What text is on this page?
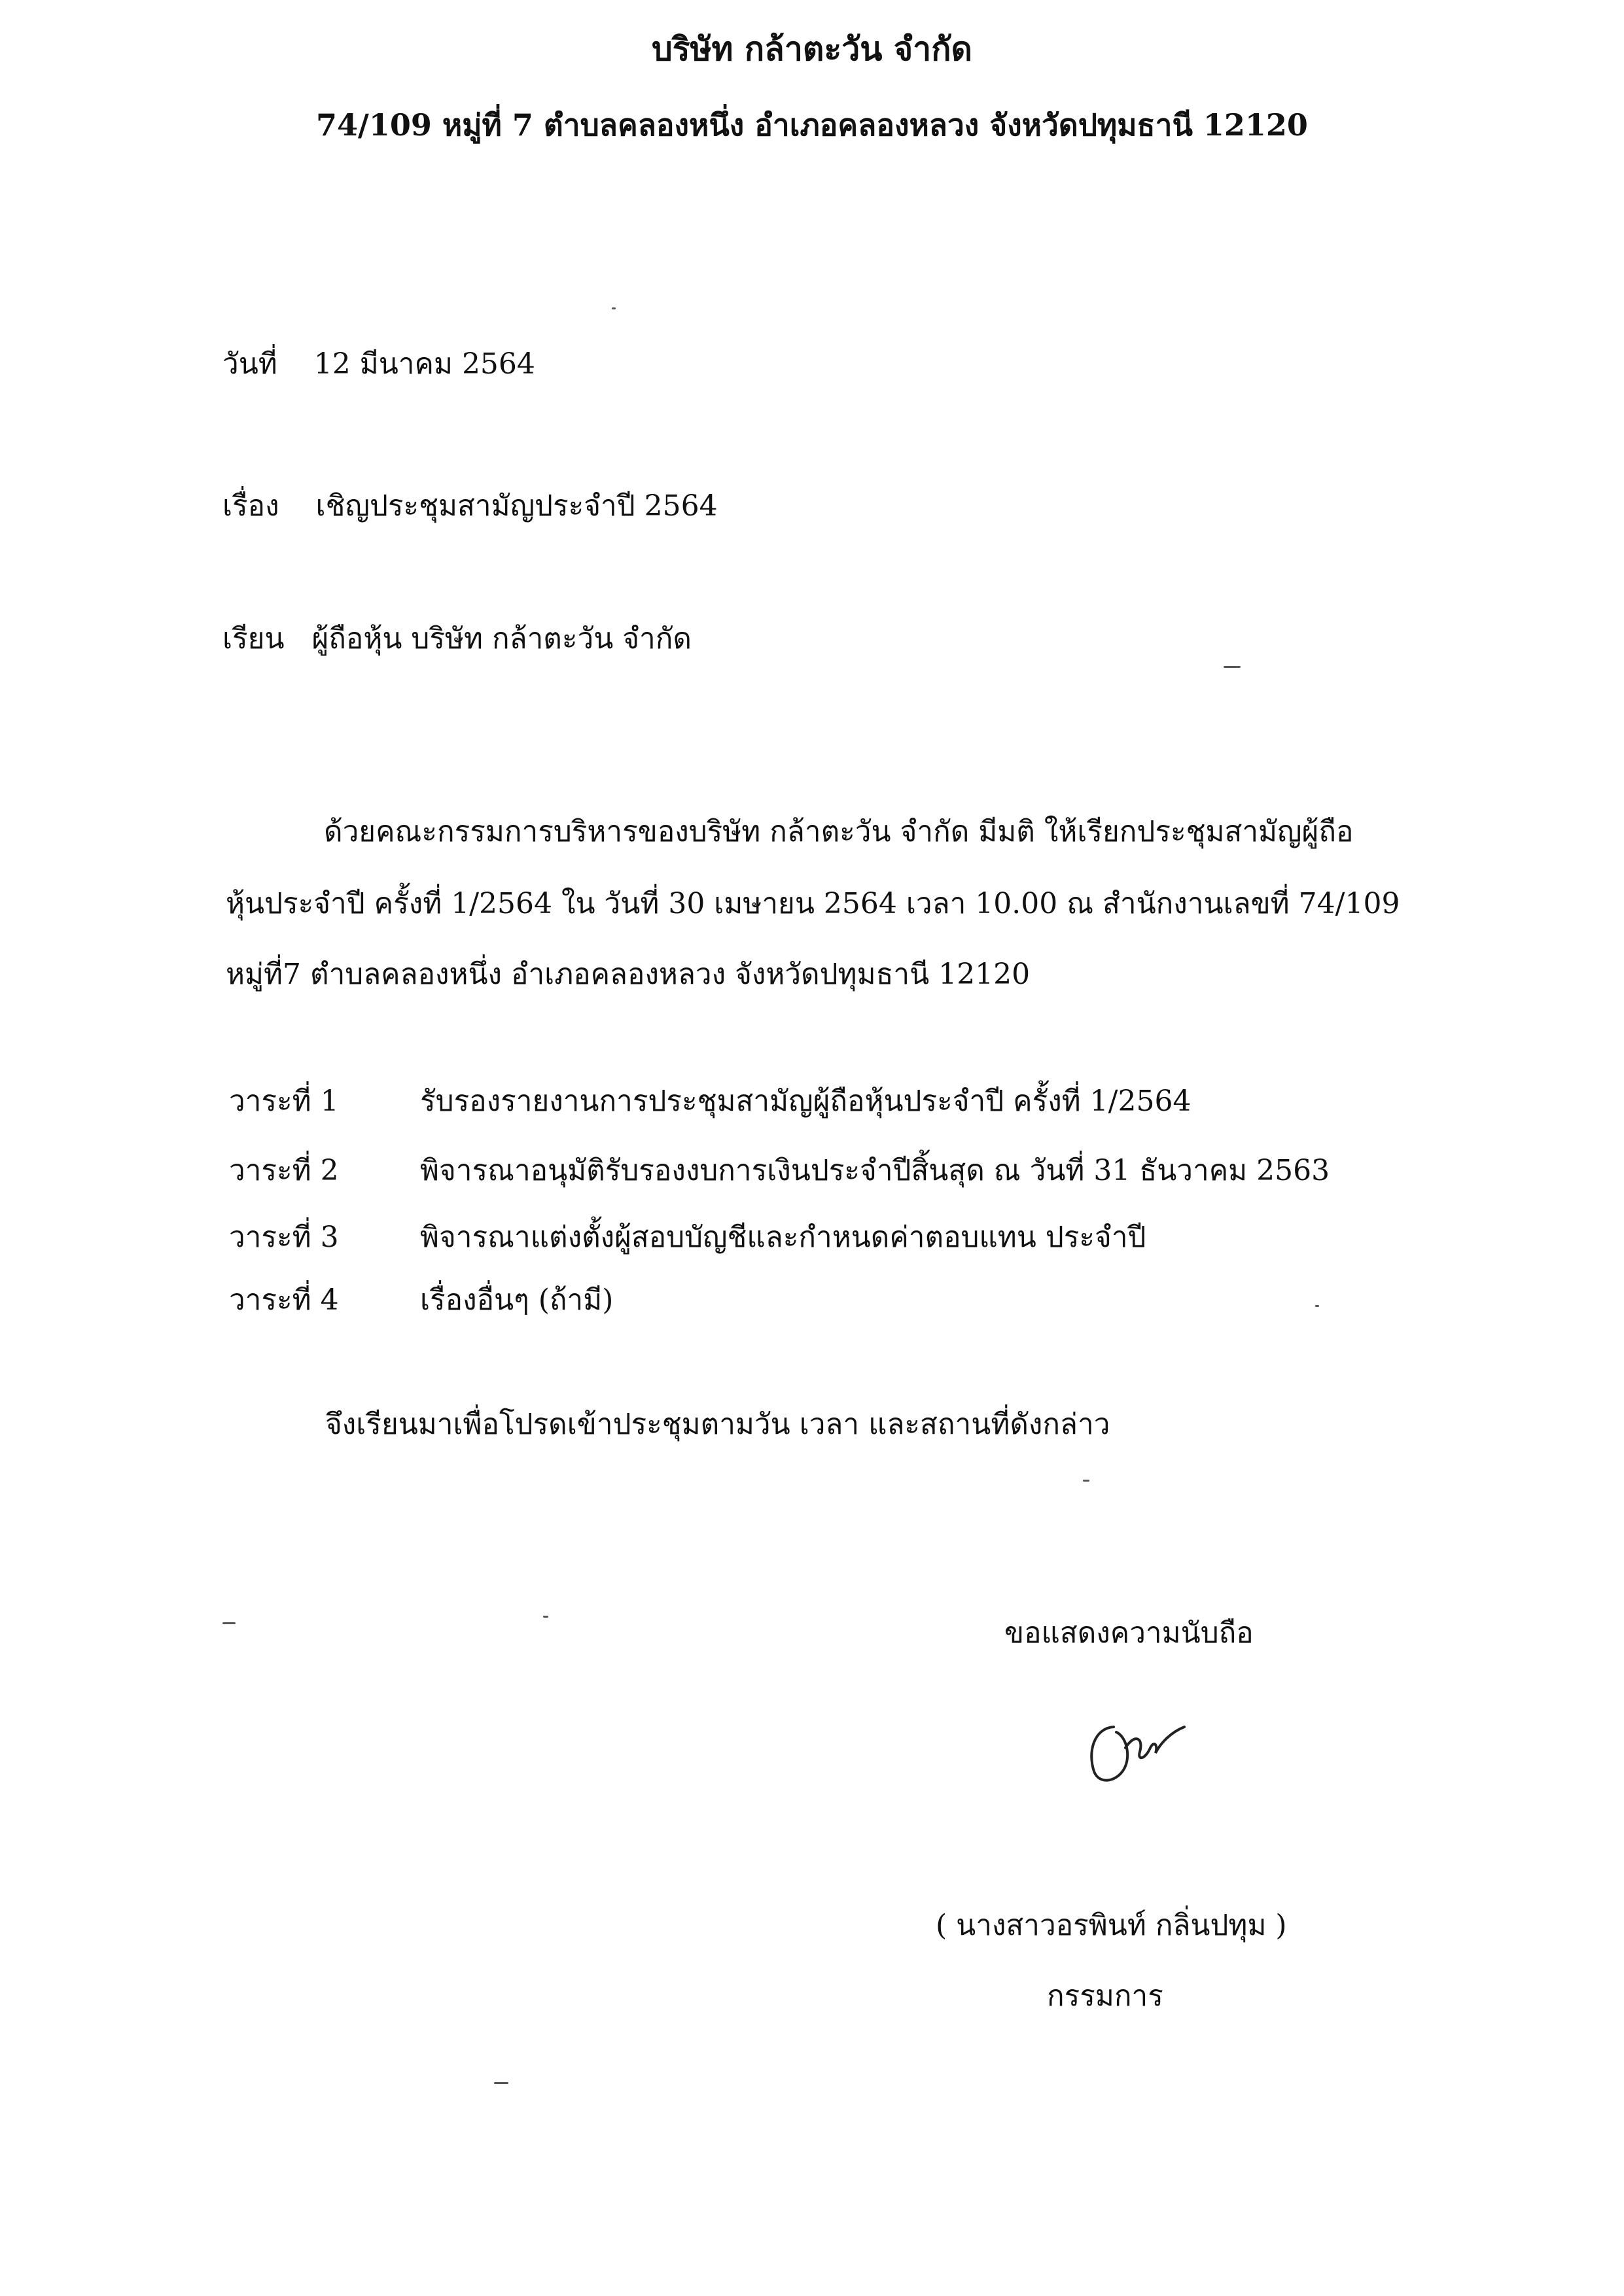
บริษัท กล้าตะวัน จำกัด
74/109 หมู่ที่ 7 ตำบลคลองหนึ่ง อำเภอคลองหลวง จังหวัดปทุมธานี 12120
วันที่ 12 มีนาคม 2564
เรื่อง เชิญประชุมสามัญประจำปี 2564
เรียน ผู้ถือหุ้น บริษัท กล้าตะวัน จำกัด
ด้วยคณะกรรมการบริหารของบริษัท กล้าตะวัน จำกัด มีมติ ให้เรียกประชุมสามัญผู้ถือ
หุ้นประจำปี ครั้งที่ 1/2564 ใน วันที่ 30 เมษายน 2564 เวลา 10.00 ณ สำนักงานเลขที่ 74/109
หมู่ที่7 ตำบลคลองหนึ่ง อำเภอคลองหลวง จังหวัดปทุมธานี 12120
วาระที่ 1	รับรองรายงานการประชุมสามัญผู้ถือหุ้นประจำปี ครั้งที่ 1/2564
วาระที่ 2	พิจารณาอนุมัติรับรองงบการเงินประจำปีสิ้นสุด ณ วันที่ 31 ธันวาคม 2563
วาระที่ 3	พิจารณาแต่งตั้งผู้สอบบัญชีและกำหนดค่าตอบแทน ประจำปี
วาระที่ 4	เรื่องอื่นๆ (ถ้ามี)
จึงเรียนมาเพื่อโปรดเข้าประชุมตามวัน เวลา และสถานที่ดังกล่าว
ขอแสดงความนับถือ
( นางสาวอรพินท์ กลิ่นปทุม )
กรรมการ
